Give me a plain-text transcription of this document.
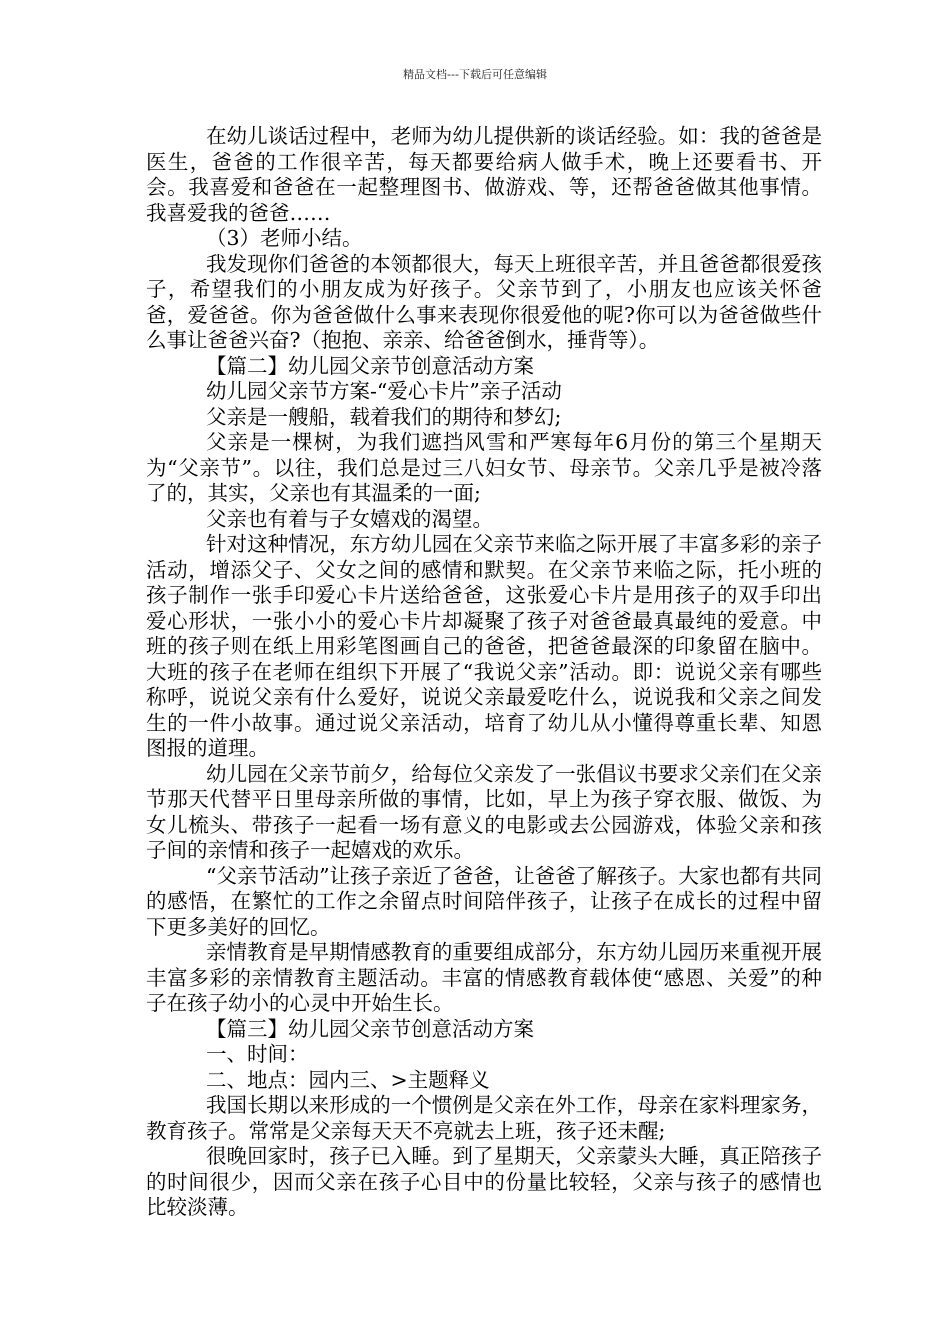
精品文档---下载后可任意编辑

在幼儿谈话过程中，老师为幼儿提供新的谈话经验。如：我的爸爸是医生，爸爸的工作很辛苦，每天都要给病人做手术，晚上还要看书、开会。我喜爱和爸爸在一起整理图书、做游戏、等，还帮爸爸做其他事情。我喜爱我的爸爸……

（3）老师小结。

我发现你们爸爸的本领都很大，每天上班很辛苦，并且爸爸都很爱孩子，希望我们的小朋友成为好孩子。父亲节到了，小朋友也应该关怀爸爸，爱爸爸。你为爸爸做什么事来表现你很爱他的呢?你可以为爸爸做些什么事让爸爸兴奋?（抱抱、亲亲、给爸爸倒水，捶背等）。

【篇二】幼儿园父亲节创意活动方案

幼儿园父亲节方案-“爱心卡片”亲子活动

父亲是一艘船，载着我们的期待和梦幻;

父亲是一棵树，为我们遮挡风雪和严寒每年6月份的第三个星期天为“父亲节”。以往，我们总是过三八妇女节、母亲节。父亲几乎是被冷落了的，其实，父亲也有其温柔的一面;

父亲也有着与子女嬉戏的渴望。

针对这种情况，东方幼儿园在父亲节来临之际开展了丰富多彩的亲子活动，增添父子、父女之间的感情和默契。在父亲节来临之际，托小班的孩子制作一张手印爱心卡片送给爸爸，这张爱心卡片是用孩子的双手印出爱心形状，一张小小的爱心卡片却凝聚了孩子对爸爸最真最纯的爱意。中班的孩子则在纸上用彩笔图画自己的爸爸，把爸爸最深的印象留在脑中。大班的孩子在老师在组织下开展了“我说父亲”活动。即：说说父亲有哪些称呼，说说父亲有什么爱好，说说父亲最爱吃什么，说说我和父亲之间发生的一件小故事。通过说父亲活动，培育了幼儿从小懂得尊重长辈、知恩图报的道理。

幼儿园在父亲节前夕，给每位父亲发了一张倡议书要求父亲们在父亲节那天代替平日里母亲所做的事情，比如，早上为孩子穿衣服、做饭、为女儿梳头、带孩子一起看一场有意义的电影或去公园游戏，体验父亲和孩子间的亲情和孩子一起嬉戏的欢乐。

“父亲节活动”让孩子亲近了爸爸，让爸爸了解孩子。大家也都有共同的感悟，在繁忙的工作之余留点时间陪伴孩子，让孩子在成长的过程中留下更多美好的回忆。

亲情教育是早期情感教育的重要组成部分，东方幼儿园历来重视开展丰富多彩的亲情教育主题活动。丰富的情感教育载体使“感恩、关爱”的种子在孩子幼小的心灵中开始生长。

【篇三】幼儿园父亲节创意活动方案

一、时间：

二、地点：园内三、>主题释义

我国长期以来形成的一个惯例是父亲在外工作，母亲在家料理家务，教育孩子。常常是父亲每天天不亮就去上班，孩子还未醒;

很晚回家时，孩子已入睡。到了星期天，父亲蒙头大睡，真正陪孩子的时间很少，因而父亲在孩子心目中的份量比较轻，父亲与孩子的感情也比较淡薄。
